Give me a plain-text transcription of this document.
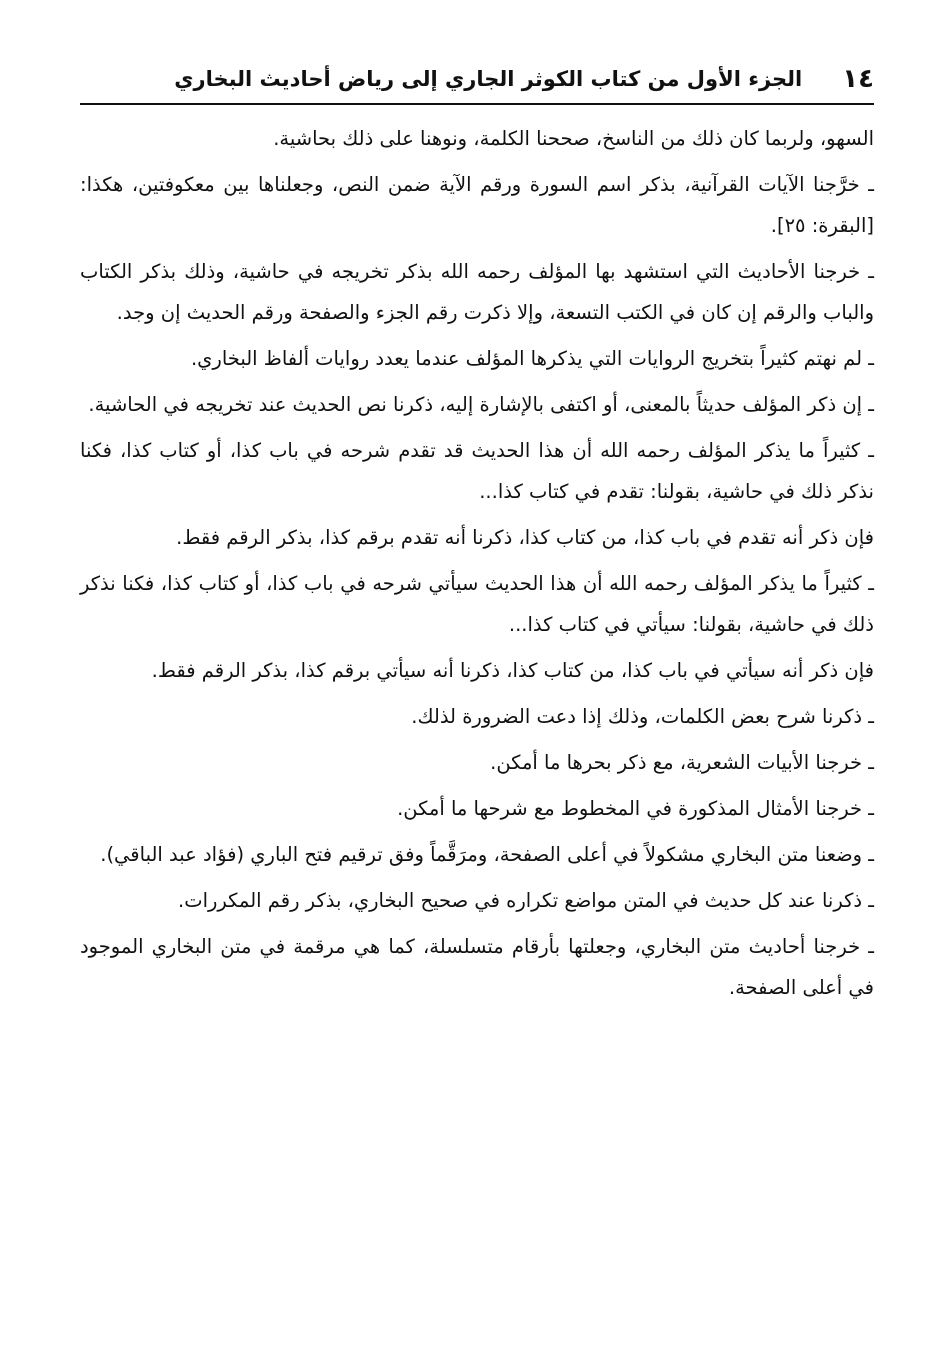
١٤
الجزء الأول من كتاب الكوثر الجاري إلى رياض أحاديث البخاري

السهو، ولربما كان ذلك من الناسخ، صححنا الكلمة، ونوهنا على ذلك بحاشية.

ـ خرَّجنا الآيات القرآنية، بذكر اسم السورة ورقم الآية ضمن النص، وجعلناها بين معكوفتين، هكذا: [البقرة: ٢٥].

ـ خرجنا الأحاديث التي استشهد بها المؤلف رحمه الله بذكر تخريجه في حاشية، وذلك بذكر الكتاب والباب والرقم إن كان في الكتب التسعة، وإلا ذكرت رقم الجزء والصفحة ورقم الحديث إن وجد.

ـ لم نهتم كثيراً بتخريج الروايات التي يذكرها المؤلف عندما يعدد روايات ألفاظ البخاري.

ـ إن ذكر المؤلف حديثاً بالمعنى، أو اكتفى بالإشارة إليه، ذكرنا نص الحديث عند تخريجه في الحاشية.

ـ كثيراً ما يذكر المؤلف رحمه الله أن هذا الحديث قد تقدم شرحه في باب كذا، أو كتاب كذا، فكنا نذكر ذلك في حاشية، بقولنا: تقدم في كتاب كذا...

فإن ذكر أنه تقدم في باب كذا، من كتاب كذا، ذكرنا أنه تقدم برقم كذا، بذكر الرقم فقط.

ـ كثيراً ما يذكر المؤلف رحمه الله أن هذا الحديث سيأتي شرحه في باب كذا، أو كتاب كذا، فكنا نذكر ذلك في حاشية، بقولنا: سيأتي في كتاب كذا...

فإن ذكر أنه سيأتي في باب كذا، من كتاب كذا، ذكرنا أنه سيأتي برقم كذا، بذكر الرقم فقط.

ـ ذكرنا شرح بعض الكلمات، وذلك إذا دعت الضرورة لذلك.

ـ خرجنا الأبيات الشعرية، مع ذكر بحرها ما أمكن.

ـ خرجنا الأمثال المذكورة في المخطوط مع شرحها ما أمكن.

ـ وضعنا متن البخاري مشكولاً في أعلى الصفحة، ومرَقَّماً وفق ترقيم فتح الباري (فؤاد عبد الباقي).

ـ ذكرنا عند كل حديث في المتن مواضع تكراره في صحيح البخاري، بذكر رقم المكررات.

ـ خرجنا أحاديث متن البخاري، وجعلتها بأرقام متسلسلة، كما هي مرقمة في متن البخاري الموجود في أعلى الصفحة.
